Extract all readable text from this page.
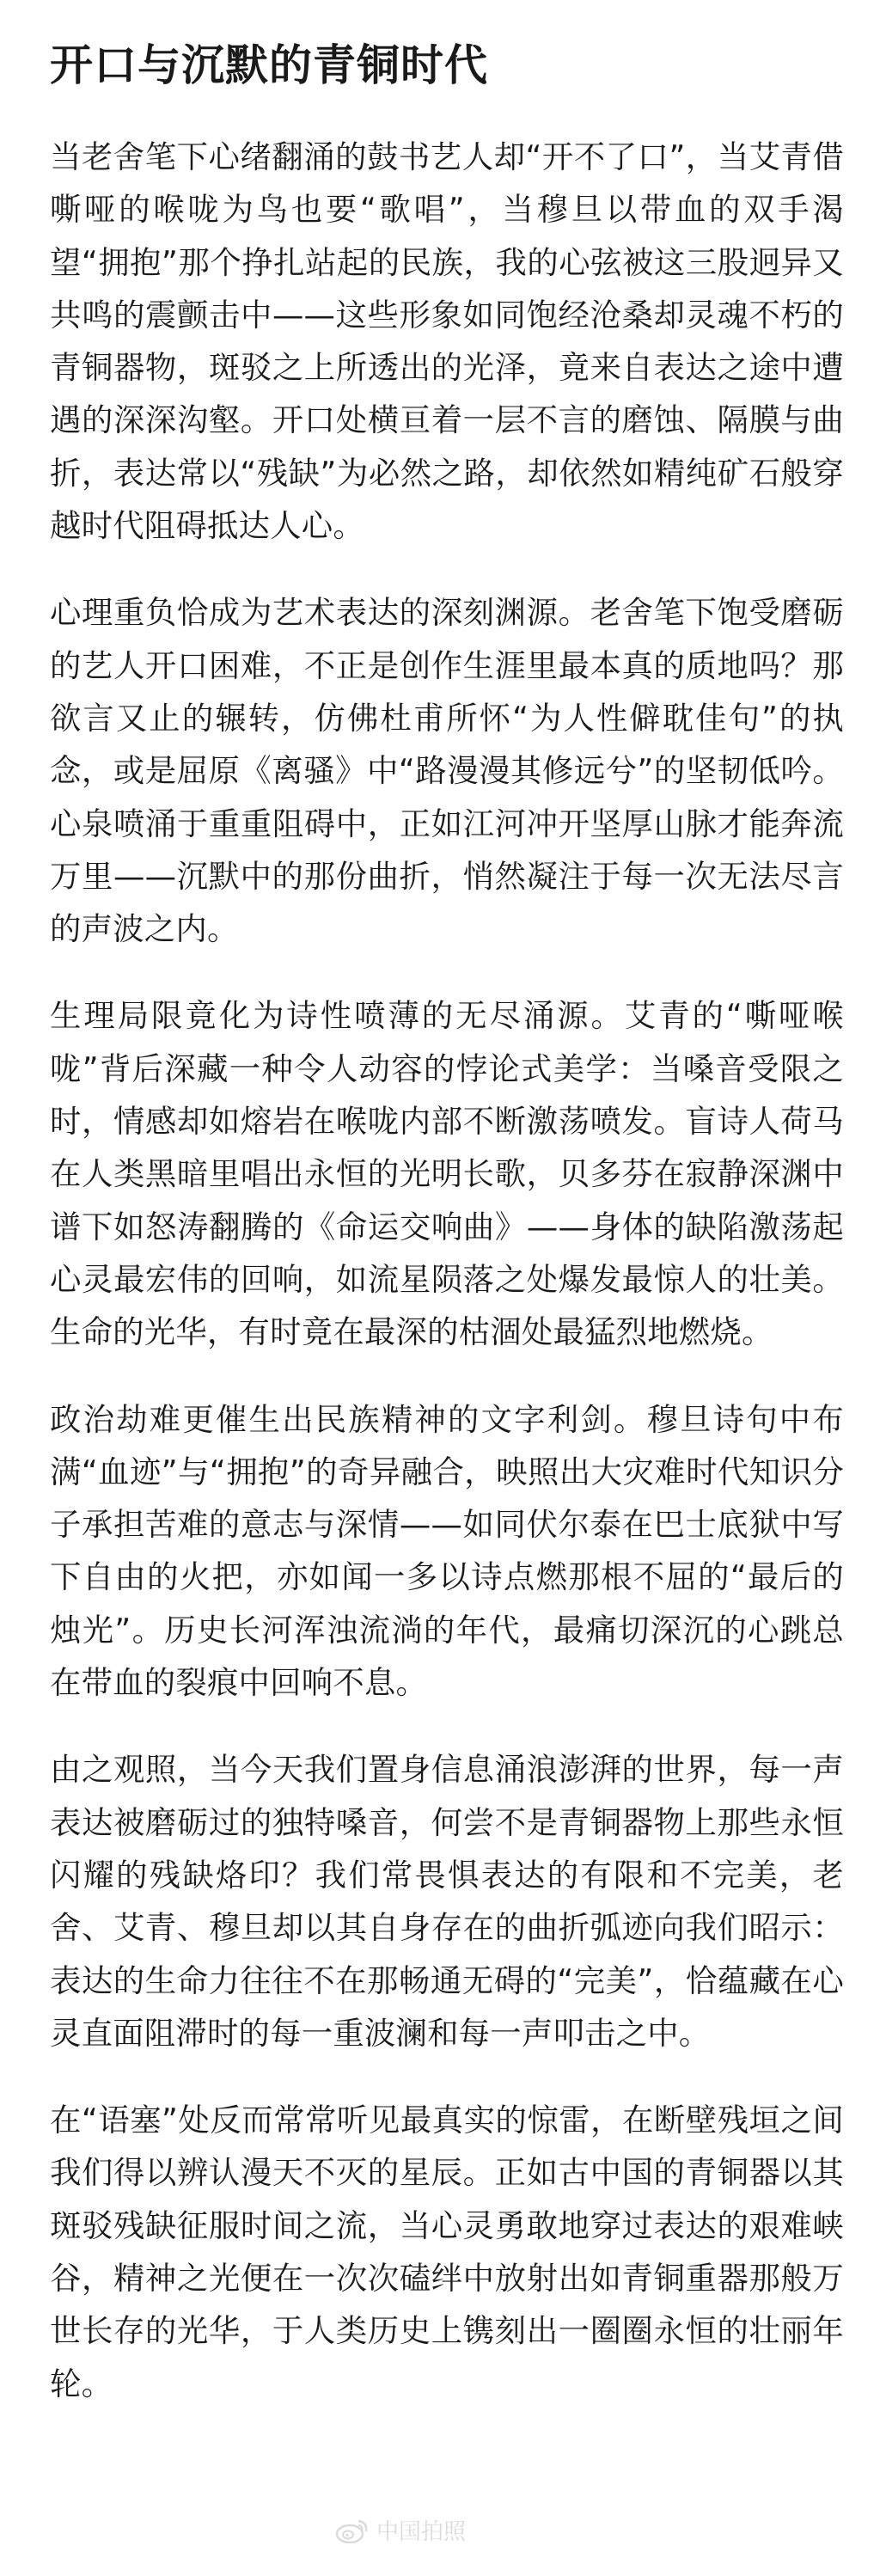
开口与沉默的青铜时代

当老舍笔下心绪翻涌的鼓书艺人却“开不了口”，当艾青借嘶哑的喉咙为鸟也要“歌唱”，当穆旦以带血的双手渴望“拥抱”那个挣扎站起的民族，我的心弦被这三股迥异又共鸣的震颤击中——这些形象如同饱经沧桑却灵魂不朽的青铜器物，斑驳之上所透出的光泽，竟来自表达之途中遭遇的深深沟壑。开口处横亘着一层不言的磨蚀、隔膜与曲折，表达常以“残缺”为必然之路，却依然如精纯矿石般穿越时代阻碍抵达人心。

心理重负恰成为艺术表达的深刻渊源。老舍笔下饱受磨砺的艺人开口困难，不正是创作生涯里最本真的质地吗？那欲言又止的辗转，仿佛杜甫所怀“为人性僻耽佳句”的执念，或是屈原《离骚》中“路漫漫其修远兮”的坚韧低吟。心泉喷涌于重重阻碍中，正如江河冲开坚厚山脉才能奔流万里——沉默中的那份曲折，悄然凝注于每一次无法尽言的声波之内。

生理局限竟化为诗性喷薄的无尽涌源。艾青的“嘶哑喉咙”背后深藏一种令人动容的悖论式美学：当嗓音受限之时，情感却如熔岩在喉咙内部不断激荡喷发。盲诗人荷马在人类黑暗里唱出永恒的光明长歌，贝多芬在寂静深渊中谱下如怒涛翻腾的《命运交响曲》——身体的缺陷激荡起心灵最宏伟的回响，如流星陨落之处爆发最惊人的壮美。生命的光华，有时竟在最深的枯涸处最猛烈地燃烧。

政治劫难更催生出民族精神的文字利剑。穆旦诗句中布满“血迹”与“拥抱”的奇异融合，映照出大灾难时代知识分子承担苦难的意志与深情——如同伏尔泰在巴士底狱中写下自由的火把，亦如闻一多以诗点燃那根不屈的“最后的烛光”。历史长河浑浊流淌的年代，最痛切深沉的心跳总在带血的裂痕中回响不息。

由之观照，当今天我们置身信息涌浪澎湃的世界，每一声表达被磨砺过的独特嗓音，何尝不是青铜器物上那些永恒闪耀的残缺烙印？我们常畏惧表达的有限和不完美，老舍、艾青、穆旦却以其自身存在的曲折弧迹向我们昭示：表达的生命力往往不在那畅通无碍的“完美”，恰蕴藏在心灵直面阻滞时的每一重波澜和每一声叩击之中。

在“语塞”处反而常常听见最真实的惊雷，在断壁残垣之间我们得以辨认漫天不灭的星辰。正如古中国的青铜器以其斑驳残缺征服时间之流，当心灵勇敢地穿过表达的艰难峡谷，精神之光便在一次次磕绊中放射出如青铜重器那般万世长存的光华，于人类历史上镌刻出一圈圈永恒的壮丽年轮。

中国拍照
